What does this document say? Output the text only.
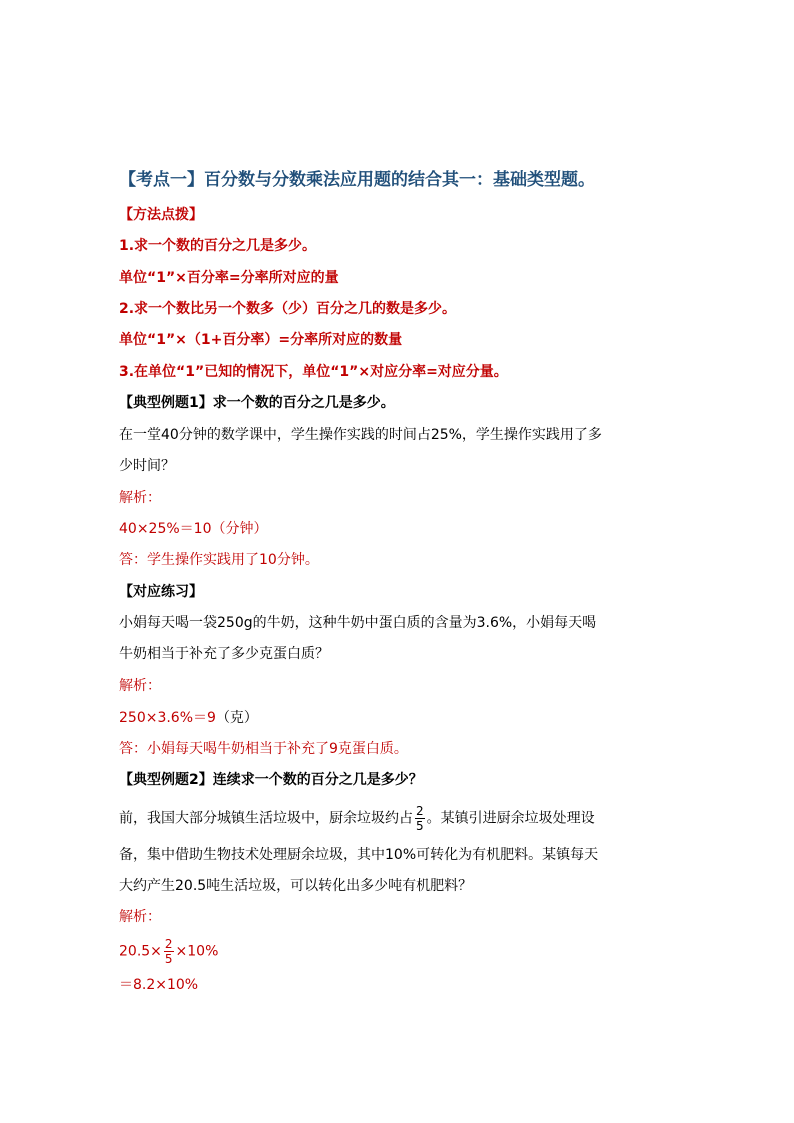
【考点一】百分数与分数乘法应用题的结合其一：基础类型题。
【方法点拨】
1.求一个数的百分之几是多少。
单位“1”×百分率=分率所对应的量
2.求一个数比另一个数多（少）百分之几的数是多少。
单位“1”×（1+百分率）=分率所对应的数量
3.在单位“1”已知的情况下，单位“1”×对应分率=对应分量。
【典型例题1】求一个数的百分之几是多少。
在一堂40分钟的数学课中，学生操作实践的时间占25%，学生操作实践用了多
少时间？
解析：
40×25%＝10（分钟）
答：学生操作实践用了10分钟。
【对应练习】
小娟每天喝一袋250g的牛奶，这种牛奶中蛋白质的含量为3.6%，小娟每天喝
牛奶相当于补充了多少克蛋白质？
解析：
250×3.6%＝9（克）
答：小娟每天喝牛奶相当于补充了9克蛋白质。
【典型例题2】连续求一个数的百分之几是多少？
前，我国大部分城镇生活垃圾中，厨余垃圾约占 $\frac{2}{5}$ 。某镇引进厨余垃圾处理设
备，集中借助生物技术处理厨余垃圾，其中10%可转化为有机肥料。某镇每天
大约产生20.5吨生活垃圾，可以转化出多少吨有机肥料？
解析：
$20.5\times \frac{2}{5} \times 10\%$
＝8.2×10%
